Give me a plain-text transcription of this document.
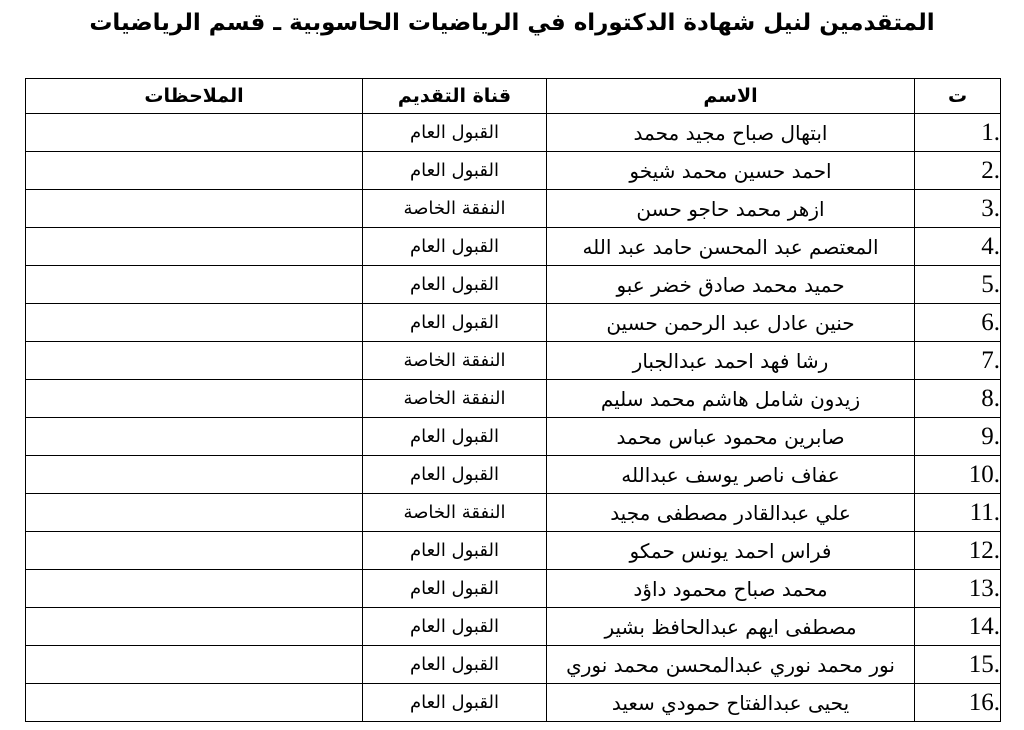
المتقدمين لنيل شهادة الدكتوراه في الرياضيات الحاسوبية ـ قسم الرياضيات
ت	الاسم	قناة التقديم	الملاحظات
1.	ابتهال صباح مجيد محمد	القبول العام	
2.	احمد حسين محمد شيخو	القبول العام	
3.	ازهر محمد حاجو حسن	النفقة الخاصة	
4.	المعتصم عبد المحسن حامد عبد الله	القبول العام	
5.	حميد محمد صادق خضر عبو	القبول العام	
6.	حنين عادل عبد الرحمن حسين	القبول العام	
7.	رشا فهد احمد عبدالجبار	النفقة الخاصة	
8.	زيدون شامل هاشم محمد سليم	النفقة الخاصة	
9.	صابرين محمود عباس محمد	القبول العام	
10.	عفاف ناصر يوسف عبدالله	القبول العام	
11.	علي عبدالقادر مصطفى مجيد	النفقة الخاصة	
12.	فراس احمد يونس حمكو	القبول العام	
13.	محمد صباح محمود داؤد	القبول العام	
14.	مصطفى ايهم عبدالحافظ بشير	القبول العام	
15.	نور محمد نوري عبدالمحسن محمد نوري	القبول العام	
16.	يحيى عبدالفتاح حمودي سعيد	القبول العام	
